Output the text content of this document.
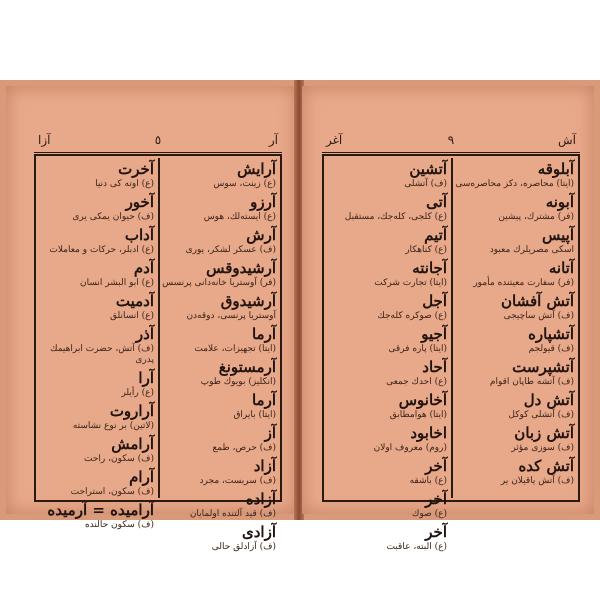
آر
٥
آزا
آرایش
(ع) زینت، سوس
آرزو
(ع) ایسته‌لك، هوس
آرش
(ف) عسکر لشکر، یوری
آرشیدوقس
(فر) آوستریا خانه‌دانی پرنسس
آرشیدوق
آوستریا پرنسی، دوقه‌دن
آرما
(ایتا) تجهیزات، علامت
آرمستونغ
(انکلیز) بویوك طوپ
آرما
(ایتا) بایراق
آز
(ف) حرص، طمع
آزاد
(ف) سربست، مجرد
آزاده
(ف) قید آلتنده اولمایان
آزادی
(ف) آزادلق حالی
آخرت
(ع) اوته‌ کی دنیا
آخور
(ف) حیوان یمکی یری
آداب
(ع) ادبلر، حرکات و معاملات
آدم
(ع) ابو البشر انسان
آدمیت
(ع) انسانلق
آذر
(ف) آتش، حضرت ابراهیمك پدری
آرا
(ع) رأیلر
آراروت
(لاتین) بر نوع نشاسته
آرامش
(ف) سکون، راحت
آرام
(ف) سکون، استراحت
آرامیده = آرمیده
(ف) سکون حالنده
آش
٩
آغر
آبلوقه
(ایتا) محاصره، دکز محاصره‌سی
آبونه
(فر) مشترك، پیشین
آپیس
اسکی مصریلرك معبود
آتانه
(فر) سفارت معیتنده مأمور
آتش آفشان
(ف) آتش ساچیجی
آتشپاره
(ف) قیولجم
آتشپرست
(ف) آتشه طاپان اقوام
آتش دل
(ف) آتشلی کوکل
آتش زبان
(ف) سوزی مؤثر
آتش کده
(ف) آتش یاقیلان یر
آتشین
(ف) آتشلی
آتی
(ع) کلجی، کله‌جك، مستقبل
آتیم
(ع) کناهکار
آجانته
(ایتا) تجارت شرکت
آجل
(ع) صوکره کله‌جك
آجیو
(ایتا) پاره فرقی
آحاد
(ع) احدك جمعی
آخانوس
(ایتا) هوامطابق
اخابود
(روم) معروف اولان
آخر
(ع) باشقه
آخر
(ع) صوك
آخر
(ع) البته، عاقبت
